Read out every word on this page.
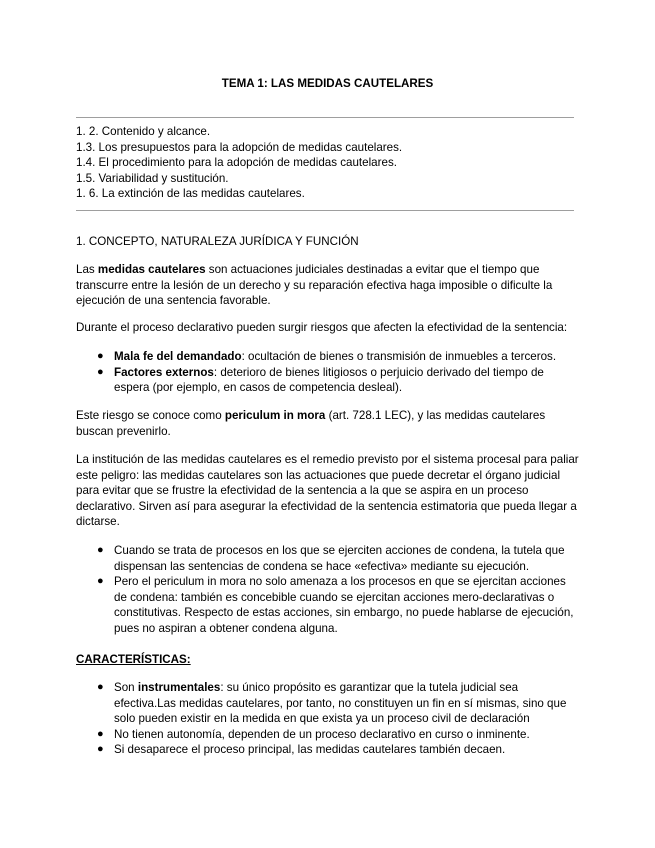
TEMA 1: LAS MEDIDAS CAUTELARES
1. 2. Contenido y alcance.
1.3. Los presupuestos para la adopción de medidas cautelares.
1.4. El procedimiento para la adopción de medidas cautelares.
1.5. Variabilidad y sustitución.
1. 6. La extinción de las medidas cautelares.
1. CONCEPTO, NATURALEZA JURÍDICA Y FUNCIÓN

Las medidas cautelares son actuaciones judiciales destinadas a evitar que el tiempo que transcurre entre la lesión de un derecho y su reparación efectiva haga imposible o dificulte la ejecución de una sentencia favorable.

Durante el proceso declarativo pueden surgir riesgos que afecten la efectividad de la sentencia:
● Mala fe del demandado: ocultación de bienes o transmisión de inmuebles a terceros.
● Factores externos: deterioro de bienes litigiosos o perjuicio derivado del tiempo de espera (por ejemplo, en casos de competencia desleal).

Este riesgo se conoce como periculum in mora (art. 728.1 LEC), y las medidas cautelares buscan prevenirlo.

La institución de las medidas cautelares es el remedio previsto por el sistema procesal para paliar este peligro: las medidas cautelares son las actuaciones que puede decretar el órgano judicial para evitar que se frustre la efectividad de la sentencia a la que se aspira en un proceso declarativo. Sirven así para asegurar la efectividad de la sentencia estimatoria que pueda llegar a dictarse.
● Cuando se trata de procesos en los que se ejerciten acciones de condena, la tutela que dispensan las sentencias de condena se hace «efectiva» mediante su ejecución.
● Pero el periculum in mora no solo amenaza a los procesos en que se ejercitan acciones de condena: también es concebible cuando se ejercitan acciones mero-declarativas o constitutivas. Respecto de estas acciones, sin embargo, no puede hablarse de ejecución, pues no aspiran a obtener condena alguna.
CARACTERÍSTICAS:
● Son instrumentales: su único propósito es garantizar que la tutela judicial sea efectiva.Las medidas cautelares, por tanto, no constituyen un fin en sí mismas, sino que solo pueden existir en la medida en que exista ya un proceso civil de declaración
● No tienen autonomía, dependen de un proceso declarativo en curso o inminente.
● Si desaparece el proceso principal, las medidas cautelares también decaen.
